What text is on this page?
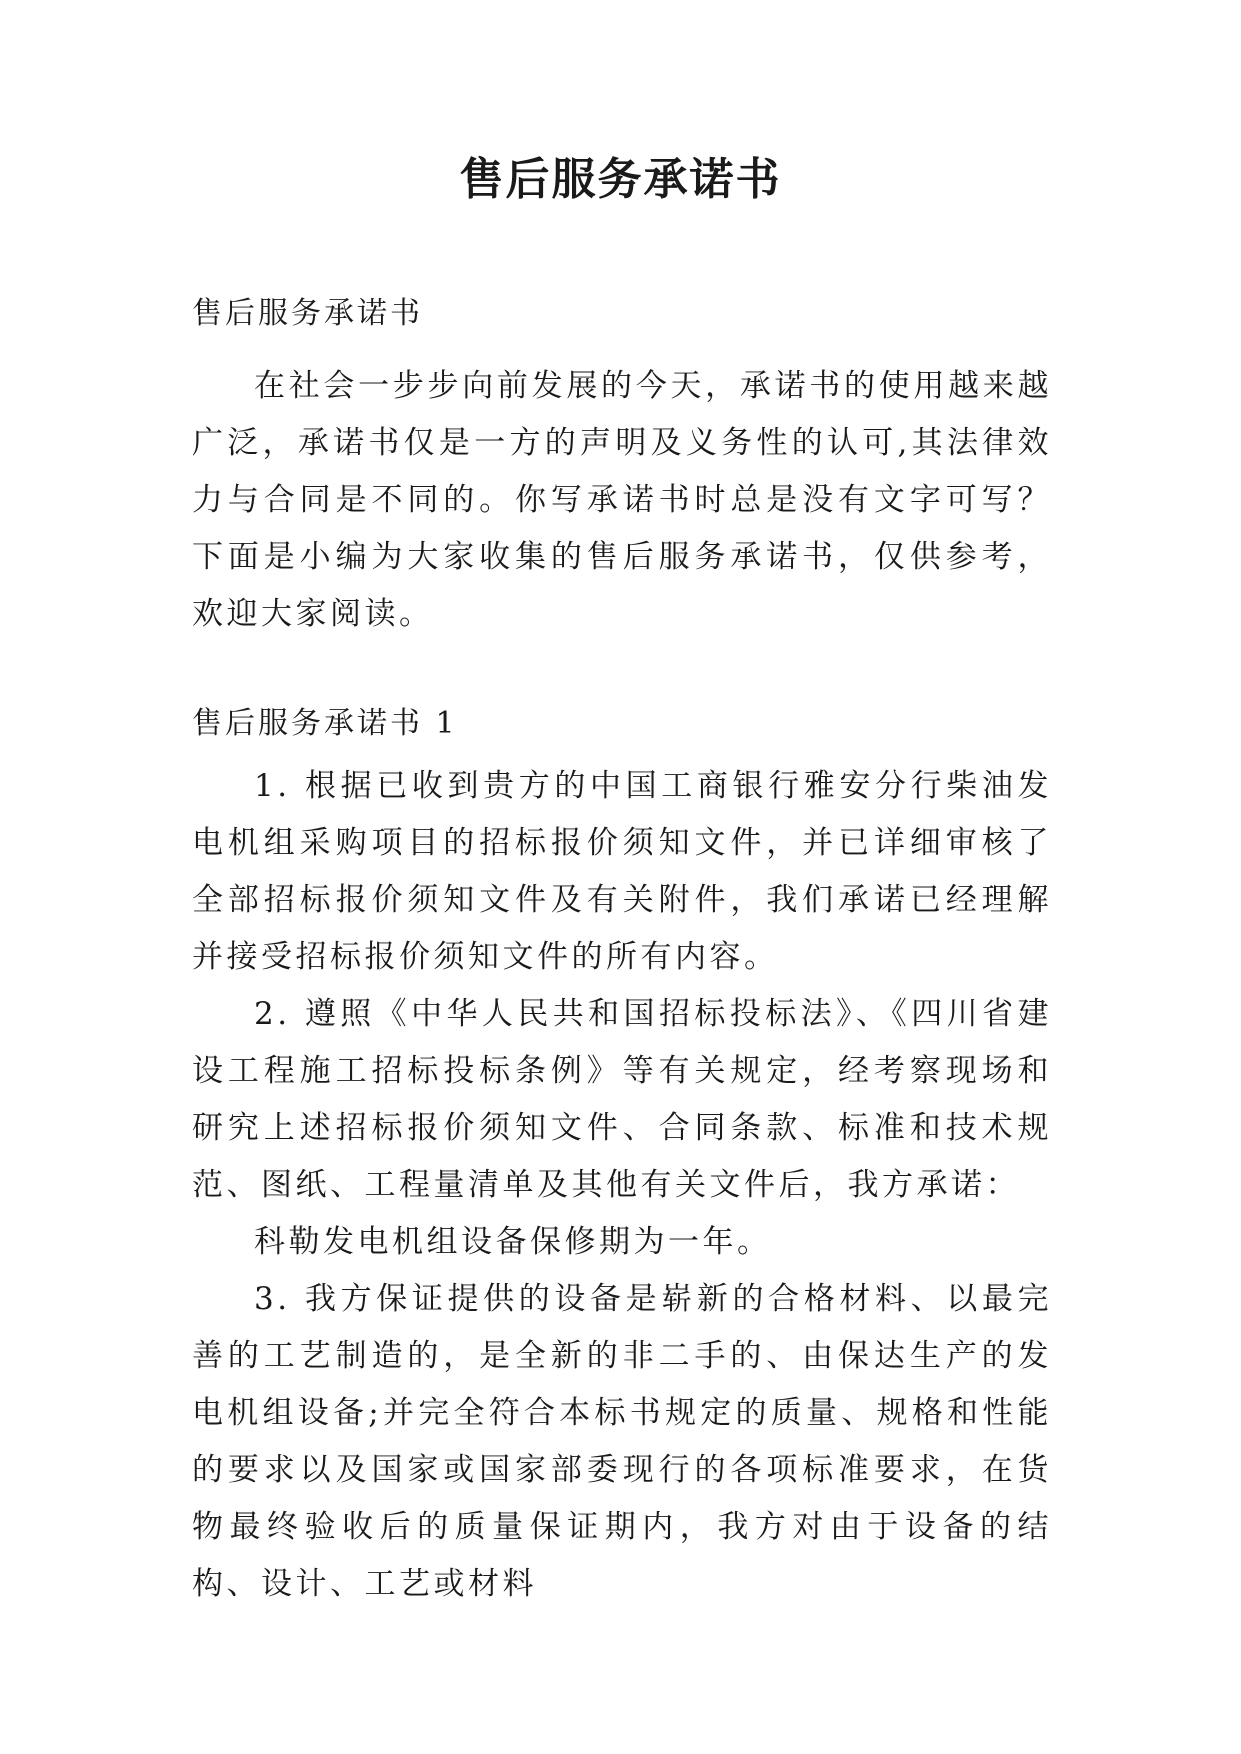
售后服务承诺书
售后服务承诺书

在社会一步步向前发展的今天，承诺书的使用越来越广泛，承诺书仅是一方的声明及义务性的认可,其法律效力与合同是不同的。你写承诺书时总是没有文字可写？下面是小编为大家收集的售后服务承诺书，仅供参考，欢迎大家阅读。

售后服务承诺书 1

1. 根据已收到贵方的中国工商银行雅安分行柴油发电机组采购项目的招标报价须知文件，并已详细审核了全部招标报价须知文件及有关附件，我们承诺已经理解并接受招标报价须知文件的所有内容。

2. 遵照《中华人民共和国招标投标法》、《四川省建设工程施工招标投标条例》等有关规定，经考察现场和研究上述招标报价须知文件、合同条款、标准和技术规范、图纸、工程量清单及其他有关文件后，我方承诺：

科勒发电机组设备保修期为一年。

3. 我方保证提供的设备是崭新的合格材料、以最完善的工艺制造的，是全新的非二手的、由保达生产的发电机组设备;并完全符合本标书规定的质量、规格和性能的要求以及国家或国家部委现行的各项标准要求，在货物最终验收后的质量保证期内，我方对由于设备的结构、设计、工艺或材料
